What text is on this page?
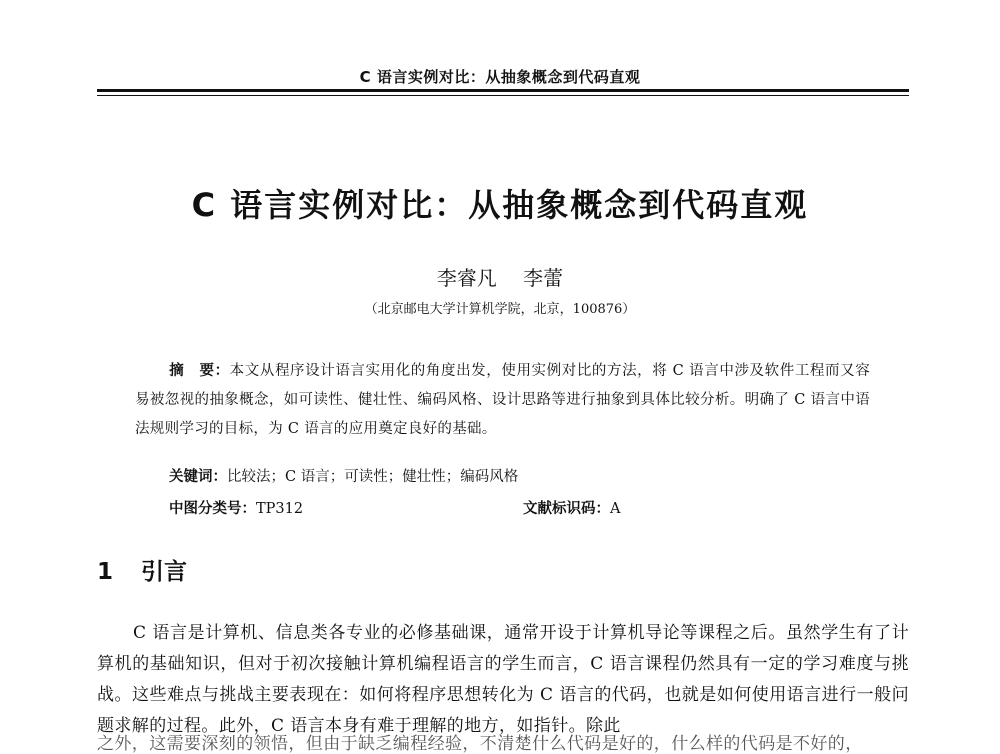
C 语言实例对比：从抽象概念到代码直观
C 语言实例对比：从抽象概念到代码直观
李睿凡 李蕾
（北京邮电大学计算机学院，北京，100876）
摘　要：本文从程序设计语言实用化的角度出发，使用实例对比的方法，将 C 语言中涉及软件工程而又容易被忽视的抽象概念，如可读性、健壮性、编码风格、设计思路等进行抽象到具体比较分析。明确了 C 语言中语法规则学习的目标，为 C 语言的应用奠定良好的基础。
关键词：比较法；C 语言；可读性；健壮性；编码风格
中图分类号：TP312	文献标识码：A
1 引言
C 语言是计算机、信息类各专业的必修基础课，通常开设于计算机导论等课程之后。虽然学生有了计算机的基础知识，但对于初次接触计算机编程语言的学生而言，C 语言课程仍然具有一定的学习难度与挑战。这些难点与挑战主要表现在：如何将程序思想转化为 C 语言的代码，也就是如何使用语言进行一般问题求解的过程。此外，C 语言本身有难于理解的地方，如指针。除此
之外，这需要深刻的领悟，但由于缺乏编程经验，不清楚什么代码是好的，什么样的代码是不好的，
